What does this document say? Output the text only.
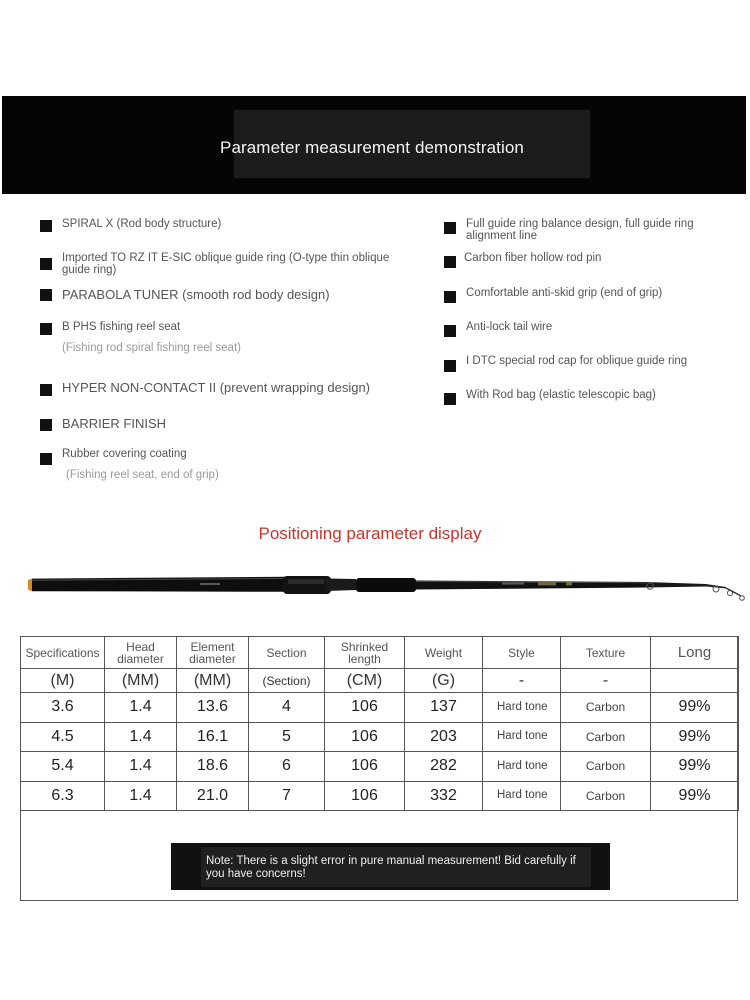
Parameter measurement demonstration
SPIRAL X (Rod body structure)
Imported TO RZ IT E-SIC oblique guide ring (O-type thin oblique guide ring)
PARABOLA TUNER (smooth rod body design)
B PHS fishing reel seat
(Fishing rod spiral fishing reel seat)
HYPER NON-CONTACT II (prevent wrapping design)
BARRIER FINISH
Rubber covering coating
(Fishing reel seat, end of grip)
Full guide ring balance design, full guide ring alignment line
Carbon fiber hollow rod pin
Comfortable anti-skid grip (end of grip)
Anti-lock tail wire
I DTC special rod cap for oblique guide ring
With Rod bag (elastic telescopic bag)
Positioning parameter display
Specifications	Head diameter	Element diameter	Section	Shrinked length	Weight	Style	Texture	Long
(M)	(MM)	(MM)	(Section)	(CM)	(G)	-	-	
3.6	1.4	13.6	4	106	137	Hard tone	Carbon	99%
4.5	1.4	16.1	5	106	203	Hard tone	Carbon	99%
5.4	1.4	18.6	6	106	282	Hard tone	Carbon	99%
6.3	1.4	21.0	7	106	332	Hard tone	Carbon	99%
Note: There is a slight error in pure manual measurement! Bid carefully if you have concerns!
